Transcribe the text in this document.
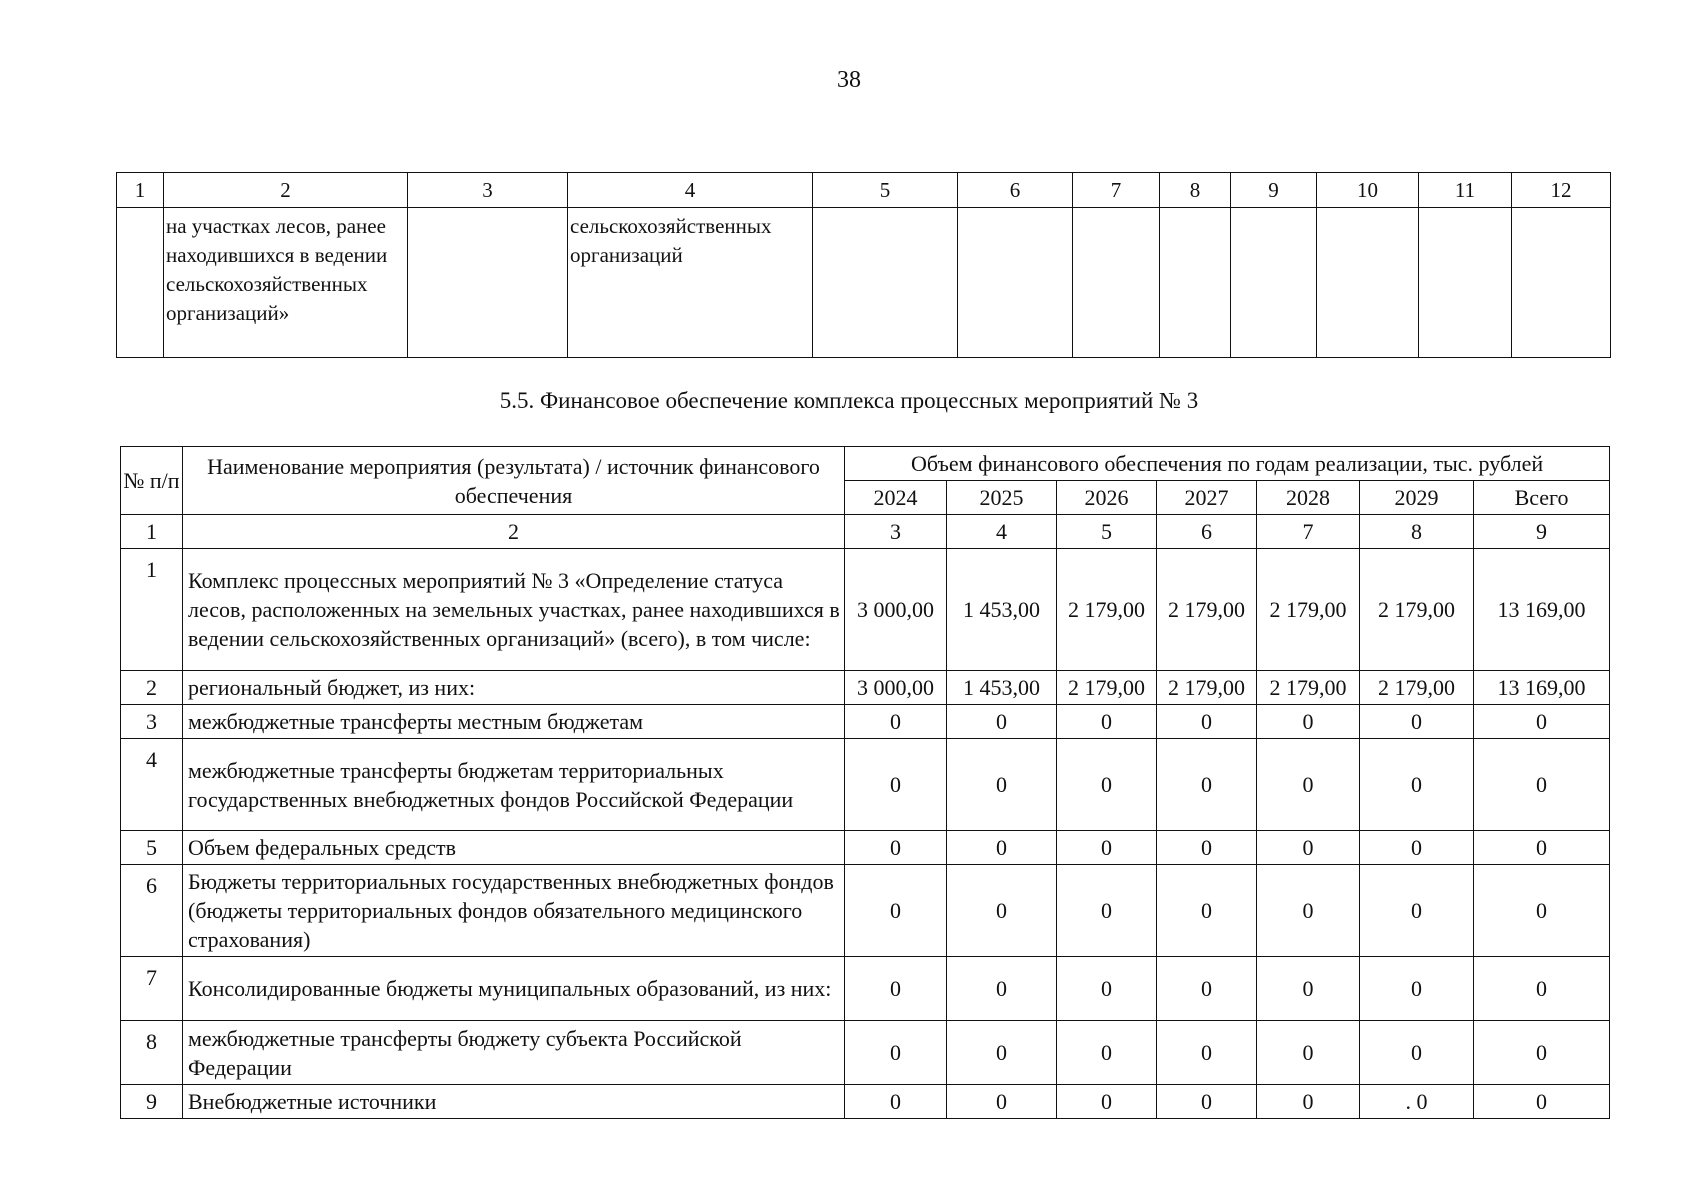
38
1	2	3	4	5	6	7	8	9	10	11	12
	на участках лесов, ранее находившихся в ведении сельскохозяйственных организаций»		сельскохозяйственных организаций								
5.5. Финансовое обеспечение комплекса процессных мероприятий № 3
№ п/п	Наименование мероприятия (результата) / источник финансового обеспечения	Объем финансового обеспечения по годам реализации, тыс. рублей						
		2024	2025	2026	2027	2028	2029	Всего
1	2	3	4	5	6	7	8	9
1	Комплекс процессных мероприятий № 3 «Определение статуса лесов, расположенных на земельных участках, ранее находившихся в ведении сельскохозяйственных организаций» (всего), в том числе:	3 000,00	1 453,00	2 179,00	2 179,00	2 179,00	2 179,00	13 169,00
2	региональный бюджет, из них:	3 000,00	1 453,00	2 179,00	2 179,00	2 179,00	2 179,00	13 169,00
3	межбюджетные трансферты местным бюджетам	0	0	0	0	0	0	0
4	межбюджетные трансферты бюджетам территориальных государственных внебюджетных фондов Российской Федерации	0	0	0	0	0	0	0
5	Объем федеральных средств	0	0	0	0	0	0	0
6	Бюджеты территориальных государственных внебюджетных фондов (бюджеты территориальных фондов обязательного медицинского страхования)	0	0	0	0	0	0	0
7	Консолидированные бюджеты муниципальных образований, из них:	0	0	0	0	0	0	0
8	межбюджетные трансферты бюджету субъекта Российской Федерации	0	0	0	0	0	0	0
9	Внебюджетные источники	0	0	0	0	0	. 0	0
